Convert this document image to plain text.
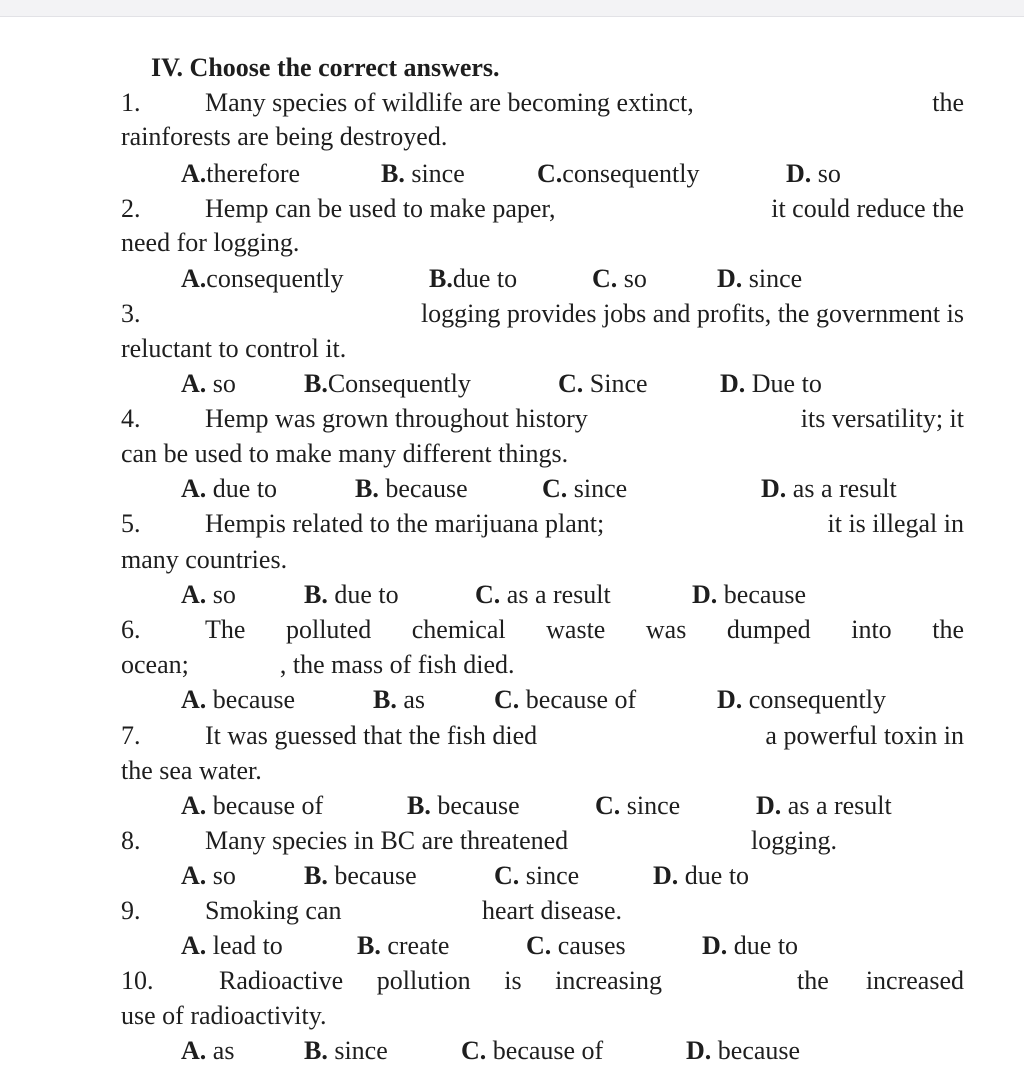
IV. Choose the correct answers.
1. Many species of wildlife are becoming extinct,	the
rainforests are being destroyed.
A.therefore	B. since	C.consequently	D. so
2. Hemp can be used to make paper,	it could reduce the
need for logging.
A.consequently	B.due to	C. so	D. since
3.	logging provides jobs and profits, the government is
reluctant to control it.
A. so	B.Consequently	C. Since	D. Due to
4. Hemp was grown throughout history	its versatility; it
can be used to make many different things.
A. due to	B. because	C. since	D. as a result
5. Hempis related to the marijuana plant;	it is illegal in
many countries.
A. so	B. due to	C. as a result	D. because
6. The polluted chemical waste was dumped into the
ocean;              , the mass of fish died.
A. because	B. as	C. because of	D. consequently
7. It was guessed that the fish died	a powerful toxin in
the sea water.
A. because of	B. because	C. since	D. as a result
8. Many species in BC are threatened	logging.
A. so	B. because	C. since	D. due to
9. Smoking can	heart disease.
A. lead to	B. create	C. causes	D. due to
10.	Radioactive pollution is increasing	the increased
use of radioactivity.
A. as	B. since	C. because of	D. because
